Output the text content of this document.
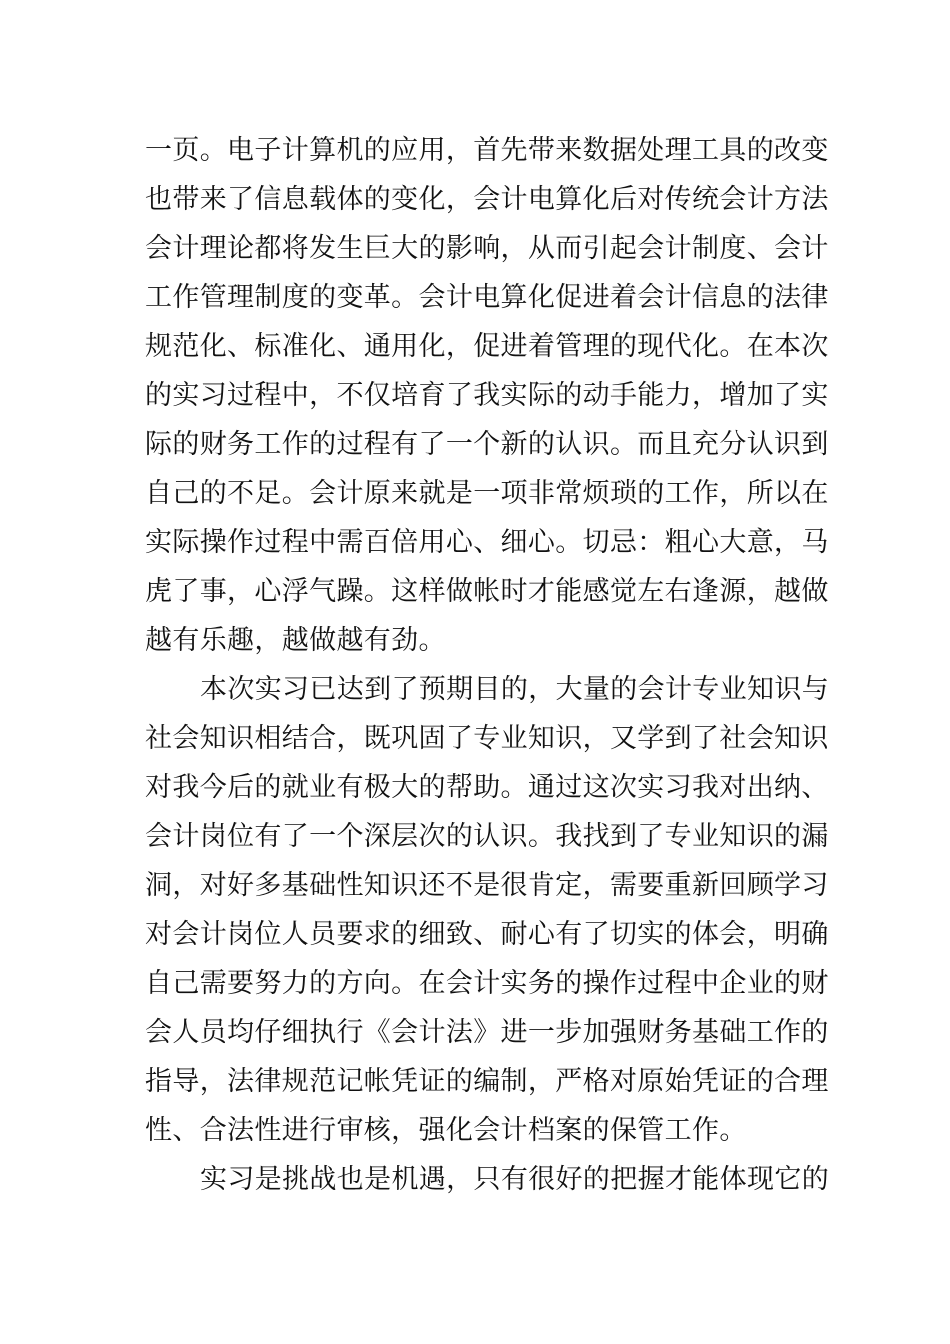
一页。电子计算机的应用，首先带来数据处理工具的改变
也带来了信息载体的变化，会计电算化后对传统会计方法
会计理论都将发生巨大的影响，从而引起会计制度、会计
工作管理制度的变革。会计电算化促进着会计信息的法律
规范化、标准化、通用化，促进着管理的现代化。在本次
的实习过程中，不仅培育了我实际的动手能力，增加了实
际的财务工作的过程有了一个新的认识。而且充分认识到
自己的不足。会计原来就是一项非常烦琐的工作，所以在
实际操作过程中需百倍用心、细心。切忌：粗心大意，马
虎了事，心浮气躁。这样做帐时才能感觉左右逢源，越做
越有乐趣，越做越有劲。
本次实习已达到了预期目的，大量的会计专业知识与
社会知识相结合，既巩固了专业知识，又学到了社会知识
对我今后的就业有极大的帮助。通过这次实习我对出纳、
会计岗位有了一个深层次的认识。我找到了专业知识的漏
洞，对好多基础性知识还不是很肯定，需要重新回顾学习
对会计岗位人员要求的细致、耐心有了切实的体会，明确
自己需要努力的方向。在会计实务的操作过程中企业的财
会人员均仔细执行《会计法》进一步加强财务基础工作的
指导，法律规范记帐凭证的编制，严格对原始凭证的合理
性、合法性进行审核，强化会计档案的保管工作。
实习是挑战也是机遇，只有很好的把握才能体现它的
